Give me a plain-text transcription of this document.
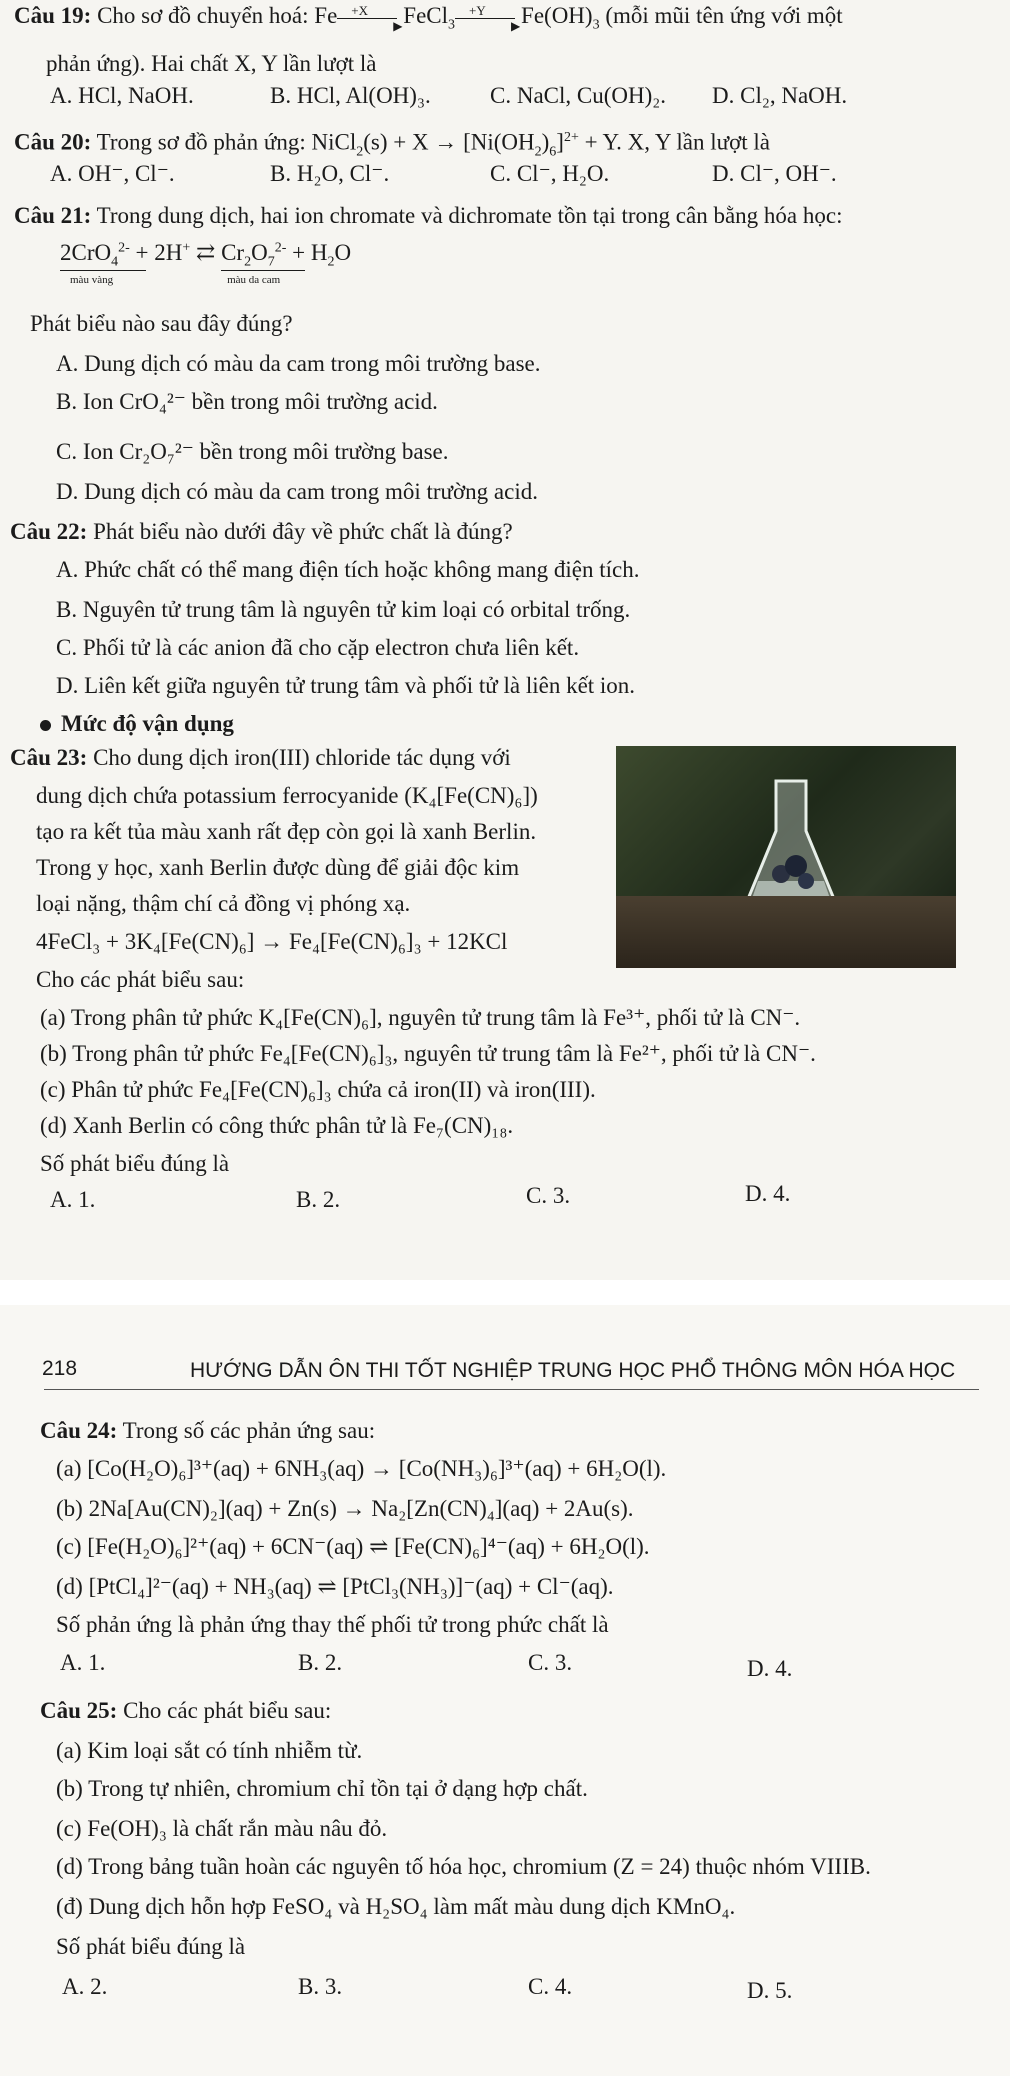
Câu 19: Cho sơ đồ chuyển hoá: Fe +X
▶ FeCl$_3$
+Y
▶ $Fe(OH)_3$ (mỗi mũi tên ứng với một
phản ứng). Hai chất X, Y lần lượt là
A. HCl, NaOH.	B. HCl, Al(OH)₃.	C. NaCl, Cu(OH)₂. D. Cl₂, NaOH.
Câu 20: Trong sơ đồ phản ứng: NiCl$_2$(s) + $X \to [Ni(OH_2)_6]^{2+} + Y$. X, Y lần lượt là
A. OH⁻, Cl⁻.	B. H₂O, Cl⁻.	C. Cl⁻, H₂O.	D. Cl⁻, OH⁻.
Câu 21: Trong dung dịch, hai ion chromate và dichromate tồn tại trong cân bằng hóa học:
2CrO$_4^{2-}$
màu vàng
+ 2H+ ⇄ $Cr_2O_7^{2-}$
màu da cam
+ $H_2O$
Phát biểu nào sau đây đúng?
A. Dung dịch có màu da cam trong môi trường base.
B. Ion CrO₄²⁻ bền trong môi trường acid.
C. Ion Cr₂O₇²⁻ bền trong môi trường base.
D. Dung dịch có màu da cam trong môi trường acid.
Câu 22: Phát biểu nào dưới đây về phức chất là đúng?
A. Phức chất có thể mang điện tích hoặc không mang điện tích.
B. Nguyên tử trung tâm là nguyên tử kim loại có orbital trống.
C. Phối tử là các anion đã cho cặp electron chưa liên kết.
D. Liên kết giữa nguyên tử trung tâm và phối tử là liên kết ion.
Mức độ vận dụng
Câu 23: Cho dung dịch iron(III) chloride tác dụng với
dung dịch chứa potassium ferrocyanide (K₄[Fe(CN)₆])
tạo ra kết tủa màu xanh rất đẹp còn gọi là xanh Berlin.
Trong y học, xanh Berlin được dùng để giải độc kim
loại nặng, thậm chí cả đồng vị phóng xạ.
4FeCl₃ + 3K₄[Fe(CN)₆] → Fe₄[Fe(CN)₆]₃ + 12KCl
Cho các phát biểu sau:
(a) Trong phân tử phức K₄[Fe(CN)₆], nguyên tử trung tâm là Fe³⁺, phối tử là CN⁻.
(b) Trong phân tử phức Fe₄[Fe(CN)₆]₃, nguyên tử trung tâm là Fe²⁺, phối tử là CN⁻.
(c) Phân tử phức Fe₄[Fe(CN)₆]₃ chứa cả iron(II) và iron(III).
(d) Xanh Berlin có công thức phân tử là Fe₇(CN)₁₈.
Số phát biểu đúng là
A. 1.	B. 2.	C. 3.	D. 4.
218	HƯỚNG DẪN ÔN THI TỐT NGHIỆP TRUNG HỌC PHỔ THÔNG MÔN HÓA HỌC
Câu 24: Trong số các phản ứng sau:
(a) [Co(H₂O)₆]³⁺(aq) + 6NH₃(aq) → [Co(NH₃)₆]³⁺(aq) + 6H₂O(l).
(b) 2Na[Au(CN)₂](aq) + Zn(s) → Na₂[Zn(CN)₄](aq) + 2Au(s).
(c) [Fe(H₂O)₆]²⁺(aq) + 6CN⁻(aq) ⇌ [Fe(CN)₆]⁴⁻(aq) + 6H₂O(l).
(d) [PtCl₄]²⁻(aq) + NH₃(aq) ⇌ [PtCl₃(NH₃)]⁻(aq) + Cl⁻(aq).
Số phản ứng là phản ứng thay thế phối tử trong phức chất là
A. 1.	B. 2.	C. 3.	D. 4.
Câu 25: Cho các phát biểu sau:
(a) Kim loại sắt có tính nhiễm từ.
(b) Trong tự nhiên, chromium chỉ tồn tại ở dạng hợp chất.
(c) Fe(OH)₃ là chất rắn màu nâu đỏ.
(d) Trong bảng tuần hoàn các nguyên tố hóa học, chromium (Z = 24) thuộc nhóm VIIIB.
(đ) Dung dịch hỗn hợp FeSO₄ và H₂SO₄ làm mất màu dung dịch KMnO₄.
Số phát biểu đúng là
A. 2.	B. 3.	C. 4.	D. 5.
